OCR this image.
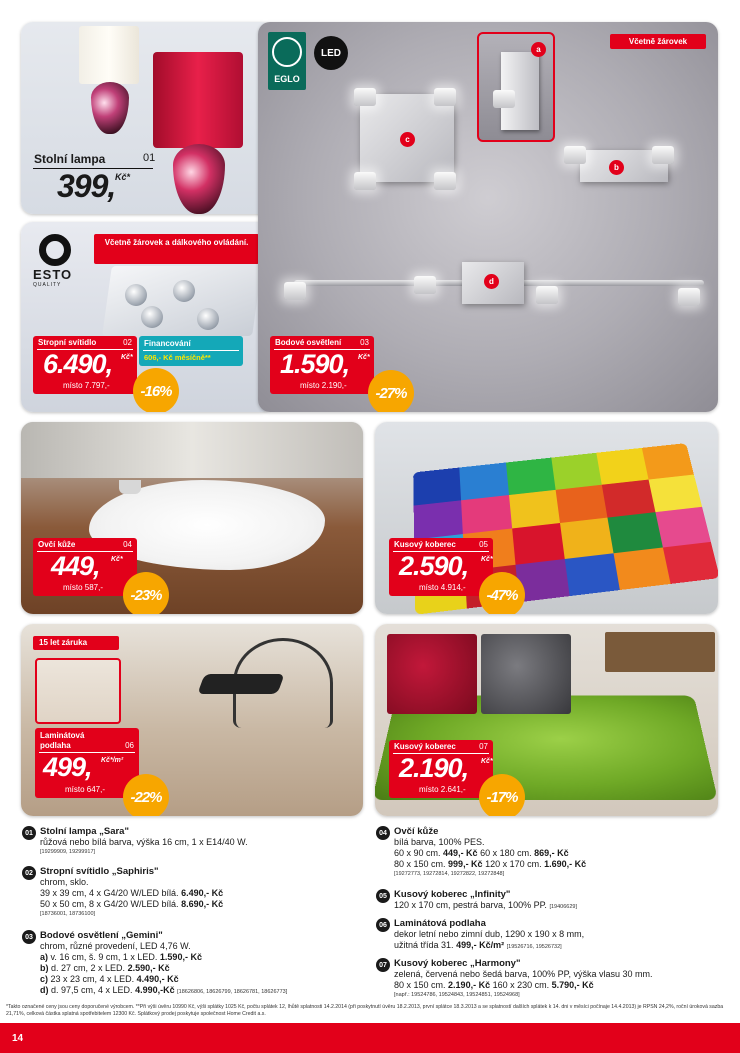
Stolní lampa	01
399, Kč*
ESTO
QUALITY
Včetně žárovek a dálkového ovládání.
Stropní svítidlo	02
6.490, Kč*
místo 7.797,-
Financování
606,- Kč měsíčně**
-16%
EGLO
LED
Včetně žárovek
a
c
b
d
Bodové osvětlení 03
1.590, Kč*
místo 2.190,-	-27%
Ovčí kůže	04
449, Kč*
místo 587,-	-23%
Kusový koberec	05
2.590, Kč*
místo 4.914,-	-47%
15 let záruka
Laminátová podlaha	06
499, Kč*/m²
místo 647,-	-22%
Kusový koberec	07
2.190, Kč*
místo 2.641,-	-17%
01 Stolní lampa „Sara"
růžová nebo bílá barva, výška 16 cm, 1 x E14/40 W.
[19299909, 19299917]
02 Stropní svítidlo „Saphiris"
chrom, sklo.
39 x 39 cm, 4 x G4/20 W/LED bílá. 6.490,- Kč
50 x 50 cm, 8 x G4/20 W/LED bílá. 8.690,- Kč
[18736001, 18736100]
03 Bodové osvětlení „Gemini"
chrom, různé provedení, LED 4,76 W.
a) v. 16 cm, š. 9 cm, 1 x LED. 1.590,- Kč
b) d. 27 cm, 2 x LED. 2.590,- Kč
c) 23 x 23 cm, 4 x LED. 4.490,- Kč
d) d. 97,5 cm, 4 x LED. 4.990,-Kč [18626806, 18626799, 18626781, 18626773]
04 Ovčí kůže
bílá barva, 100% PES.
60 x 90 cm. 449,- Kč 60 x 180 cm. 869,- Kč
80 x 150 cm. 999,- Kč 120 x 170 cm. 1.690,- Kč
[19272773, 19272814, 19272822, 19272848]
05 Kusový koberec „Infinity"
120 x 170 cm, pestrá barva, 100% PP. [19406629]
06 Laminátová podlaha
dekor letní nebo zimní dub, 1290 x 190 x 8 mm,
užitná třída 31. 499,- Kč/m² [19526716, 19526732]
07 Kusový koberec „Harmony"
zelená, červená nebo šedá barva, 100% PP, výška vlasu 30 mm.
80 x 150 cm. 2.190,- Kč 160 x 230 cm. 5.790,- Kč
[např.: 19524786, 19524843, 19524851, 19524968]
*Takto označené ceny jsou ceny doporučené výrobcem. **Při výši úvěru 10990 Kč, výši splátky 1025 Kč, počtu splátek 12, lhůtě splatnosti 14.2.2014 (při poskytnutí úvěru 18.2.2013, první splátce 18.3.2013 a se splatností dalších splátek k 14. dni v měsíci počínaje 14.4.2013) je RPSN 24,2%, roční úroková sazba 21,71%, celková částka splatná spotřebitelem 12300 Kč. Splátkový prodej poskytuje společnost Home Credit a.s.
14
